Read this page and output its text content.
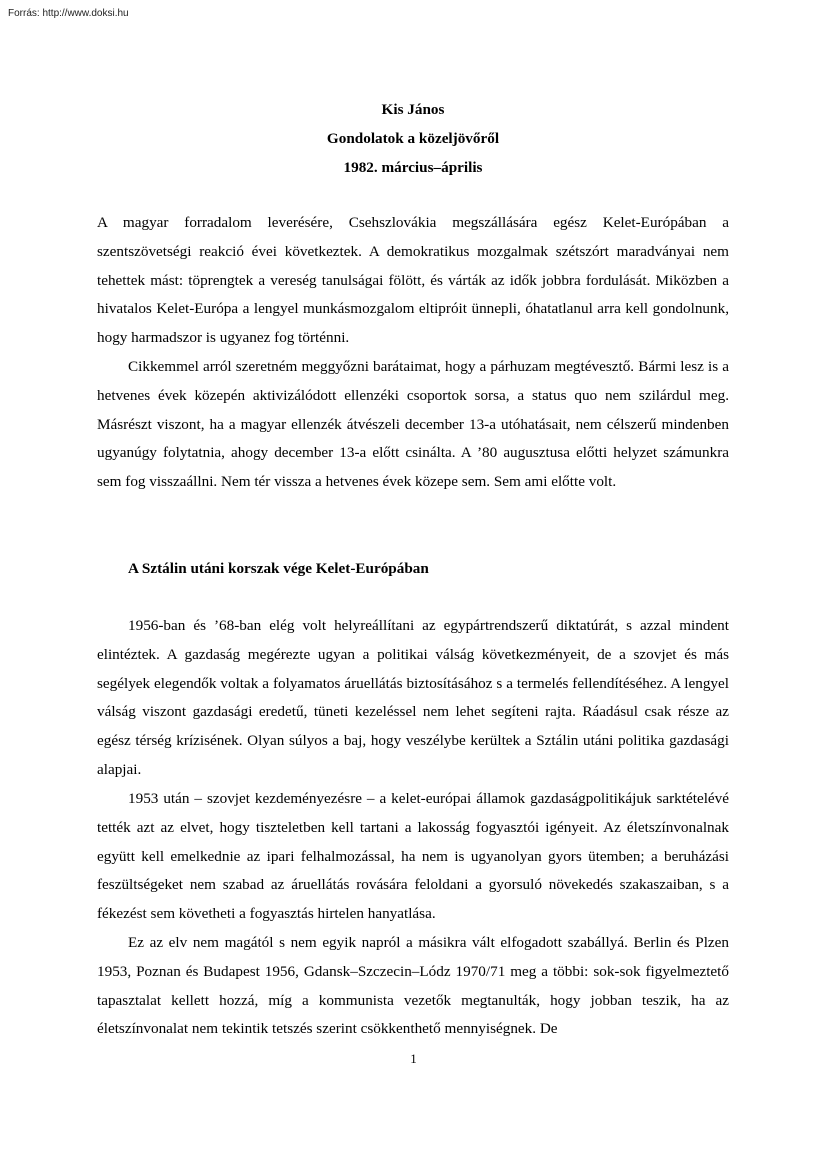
Forrás: http://www.doksi.hu
Kis János
Gondolatok a közeljövőről
1982. március–április

A magyar forradalom leverésére, Csehszlovákia megszállására egész Kelet-Európában a szentszövetségi reakció évei következtek. A demokratikus mozgalmak szétszórt maradványai nem tehettek mást: töprengtek a vereség tanulságai fölött, és várták az idők jobbra fordulását. Miközben a hivatalos Kelet-Európa a lengyel munkásmozgalom eltipróit ünnepli, óhatatlanul arra kell gondolnunk, hogy harmadszor is ugyanez fog történni.

Cikkemmel arról szeretném meggyőzni barátaimat, hogy a párhuzam megtévesztő. Bármi lesz is a hetvenes évek közepén aktivizálódott ellenzéki csoportok sorsa, a status quo nem szilárdul meg. Másrészt viszont, ha a magyar ellenzék átvészeli december 13-a utóhatásait, nem célszerű mindenben ugyanúgy folytatnia, ahogy december 13-a előtt csinálta. A ’80 augusztusa előtti helyzet számunkra sem fog visszaállni. Nem tér vissza a hetvenes évek közepe sem. Sem ami előtte volt.

A Sztálin utáni korszak vége Kelet-Európában

1956-ban és ’68-ban elég volt helyreállítani az egypártrendszerű diktatúrát, s azzal mindent elintéztek. A gazdaság megérezte ugyan a politikai válság következményeit, de a szovjet és más segélyek elegendők voltak a folyamatos áruellátás biztosításához s a termelés fellendítéséhez. A lengyel válság viszont gazdasági eredetű, tüneti kezeléssel nem lehet segíteni rajta. Ráadásul csak része az egész térség krízisének. Olyan súlyos a baj, hogy veszélybe kerültek a Sztálin utáni politika gazdasági alapjai.

1953 után – szovjet kezdeményezésre – a kelet-európai államok gazdaságpolitikájuk sarktételévé tették azt az elvet, hogy tiszteletben kell tartani a lakosság fogyasztói igényeit. Az életszínvonalnak együtt kell emelkednie az ipari felhalmozással, ha nem is ugyanolyan gyors ütemben; a beruházási feszültségeket nem szabad az áruellátás rovására feloldani a gyorsuló növekedés szakaszaiban, s a fékezést sem követheti a fogyasztás hirtelen hanyatlása.

Ez az elv nem magától s nem egyik napról a másikra vált elfogadott szabállyá. Berlin és Plzen 1953, Poznan és Budapest 1956, Gdansk–Szczecin–Lódz 1970/71 meg a többi: sok-sok figyelmeztető tapasztalat kellett hozzá, míg a kommunista vezetők megtanulták, hogy jobban teszik, ha az életszínvonalat nem tekintik tetszés szerint csökkenthető mennyiségnek. De

1
